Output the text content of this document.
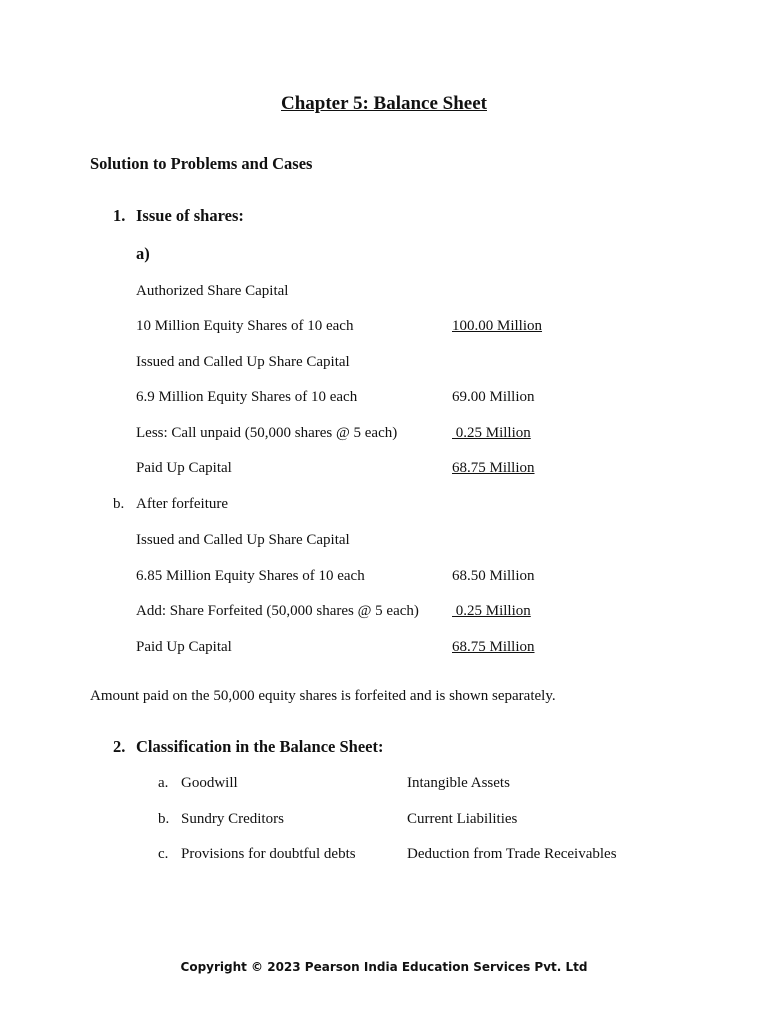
Chapter 5: Balance Sheet
Solution to Problems and Cases
1. Issue of shares:
a)
Authorized Share Capital
10 Million Equity Shares of 10 each	100.00 Million
Issued and Called Up Share Capital
6.9 Million Equity Shares of 10 each	69.00 Million
Less: Call unpaid (50,000 shares @ 5 each)	0.25 Million
Paid Up Capital	68.75 Million
b. After forfeiture
Issued and Called Up Share Capital
6.85 Million Equity Shares of 10 each	68.50 Million
Add: Share Forfeited (50,000 shares @ 5 each) 0.25 Million
Paid Up Capital	68.75 Million
Amount paid on the 50,000 equity shares is forfeited and is shown separately.
2. Classification in the Balance Sheet:
a. Goodwill	Intangible Assets
b. Sundry Creditors	Current Liabilities
c. Provisions for doubtful debts	Deduction from Trade Receivables
Copyright © 2023 Pearson India Education Services Pvt. Ltd
